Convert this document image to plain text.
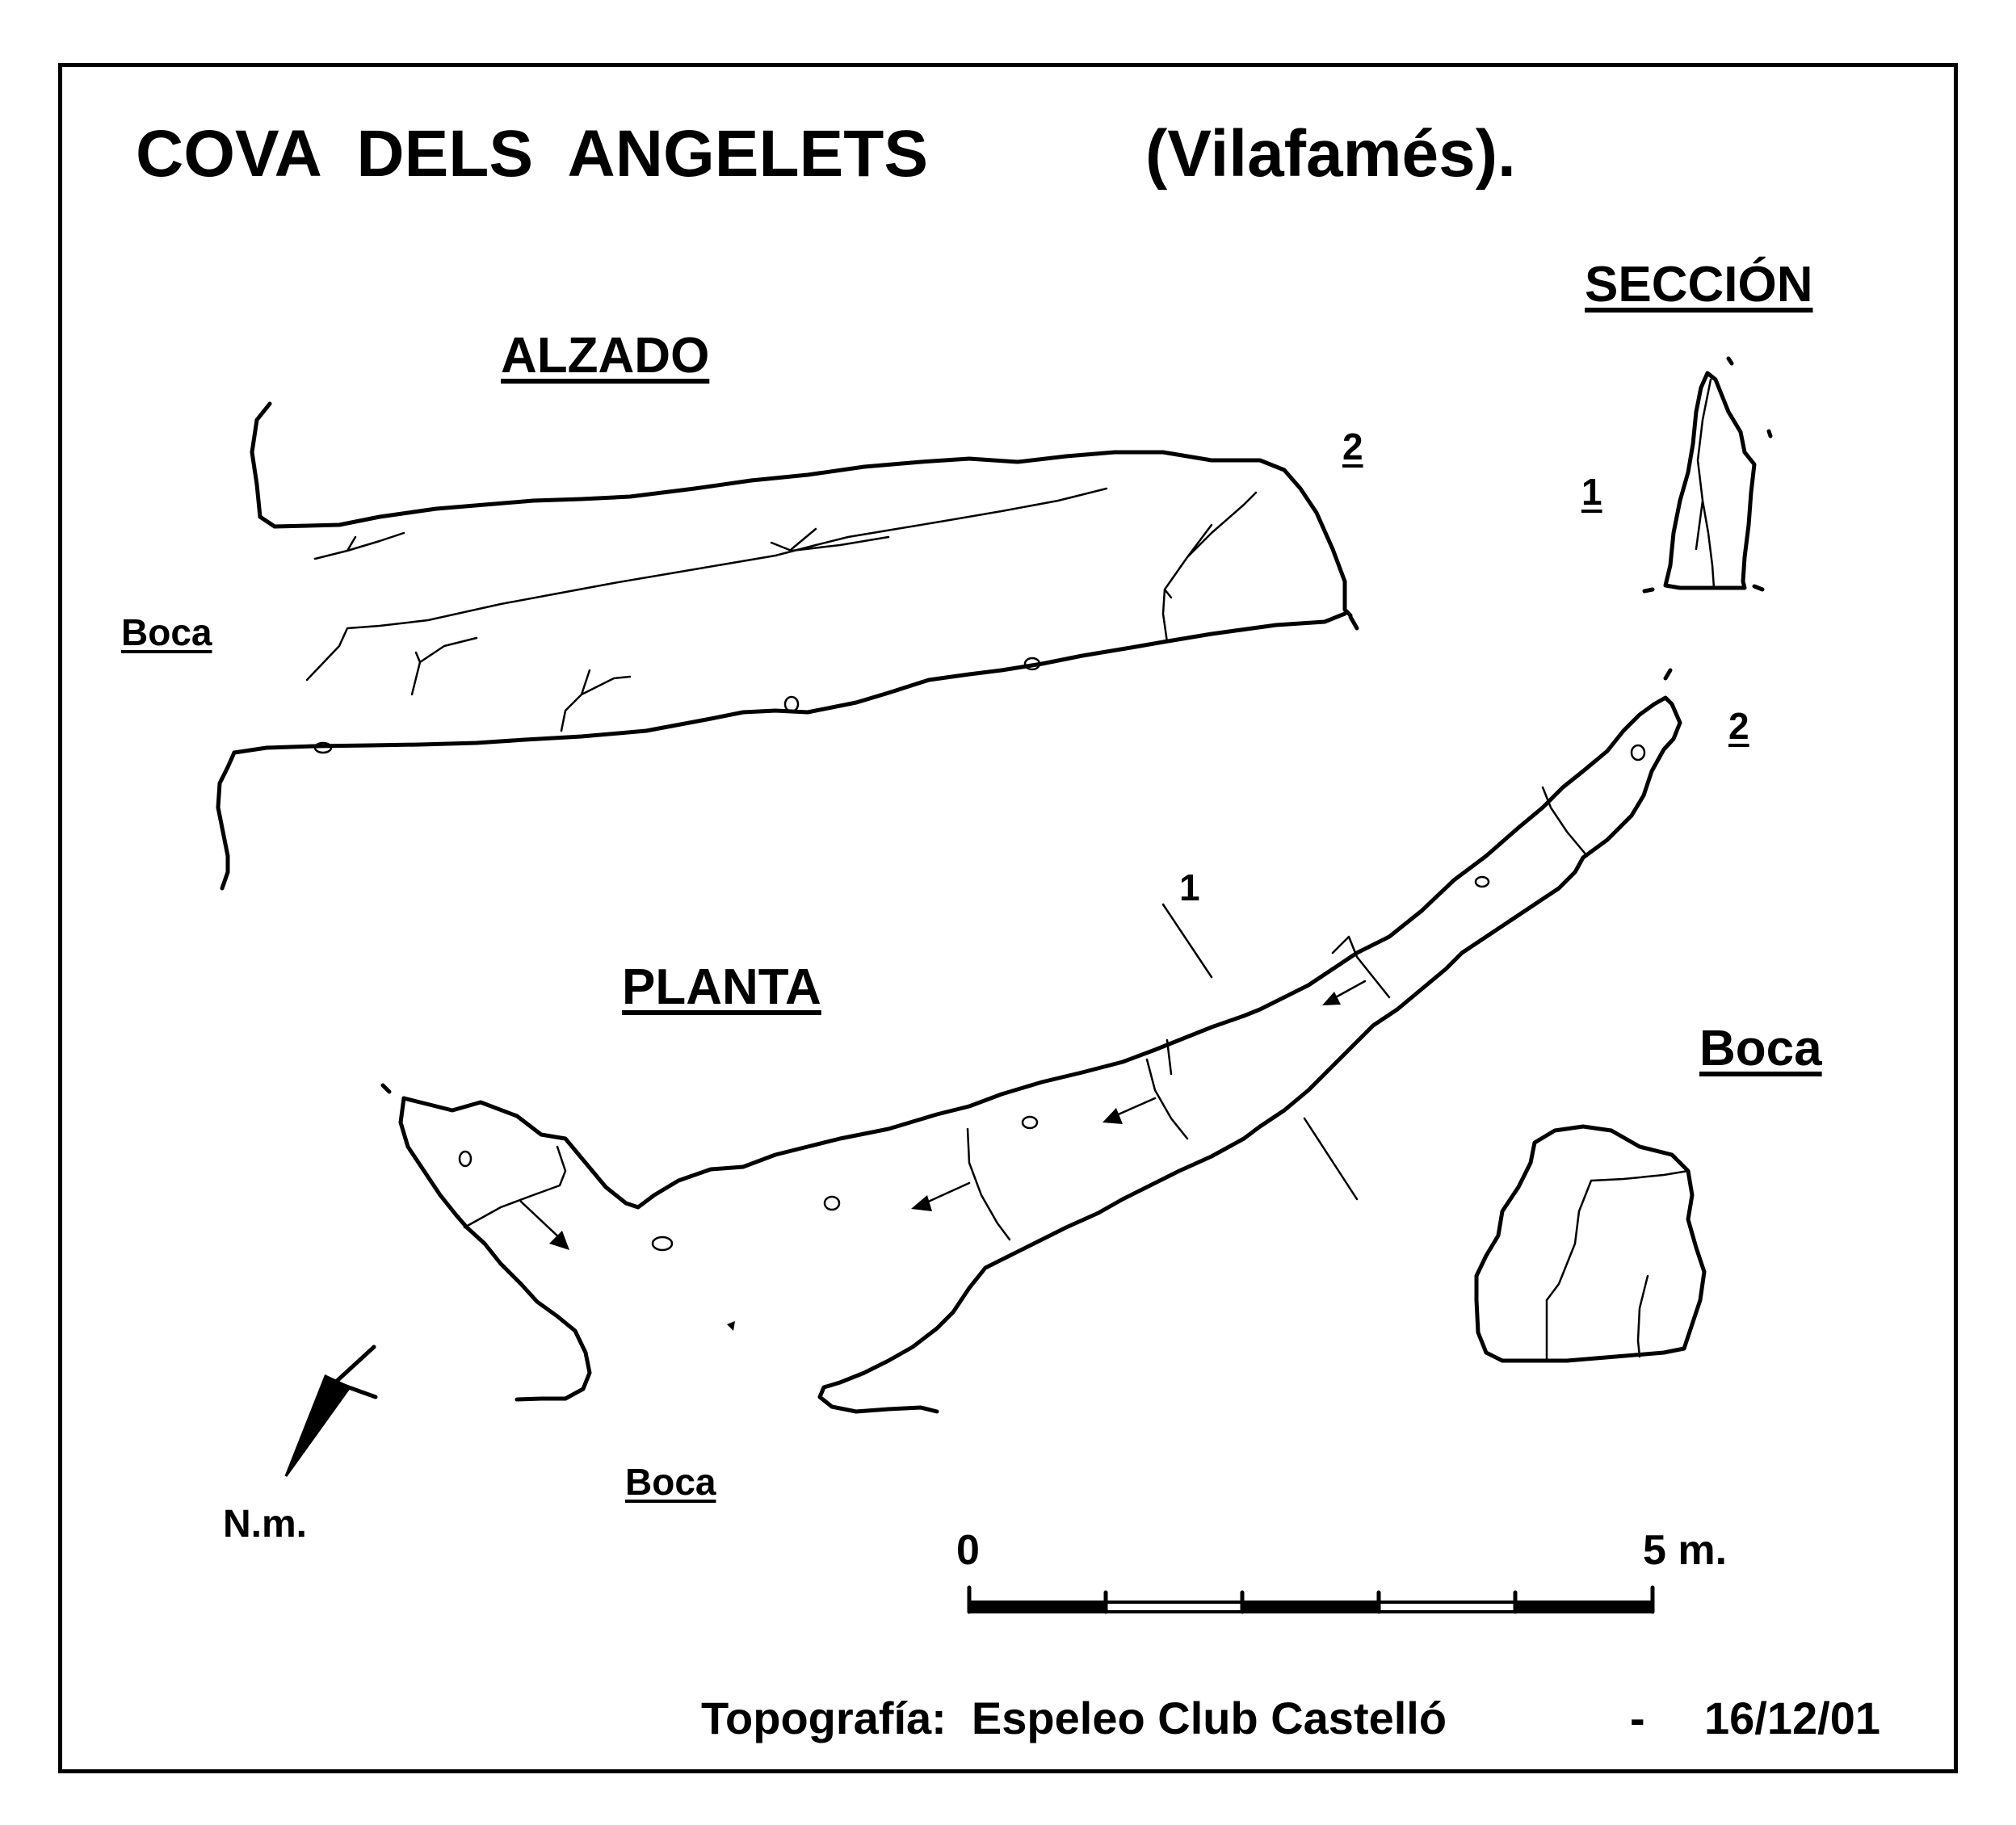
COVA  DELS  ANGELETS	(Vilafamés).
ALZADO
SECCIÓN
PLANTA
Boca
Boca
Boca
2
1
1
2
N.m.
0	5 m.
Topografía:  Espeleo Club Castelló	- 16/12/01
